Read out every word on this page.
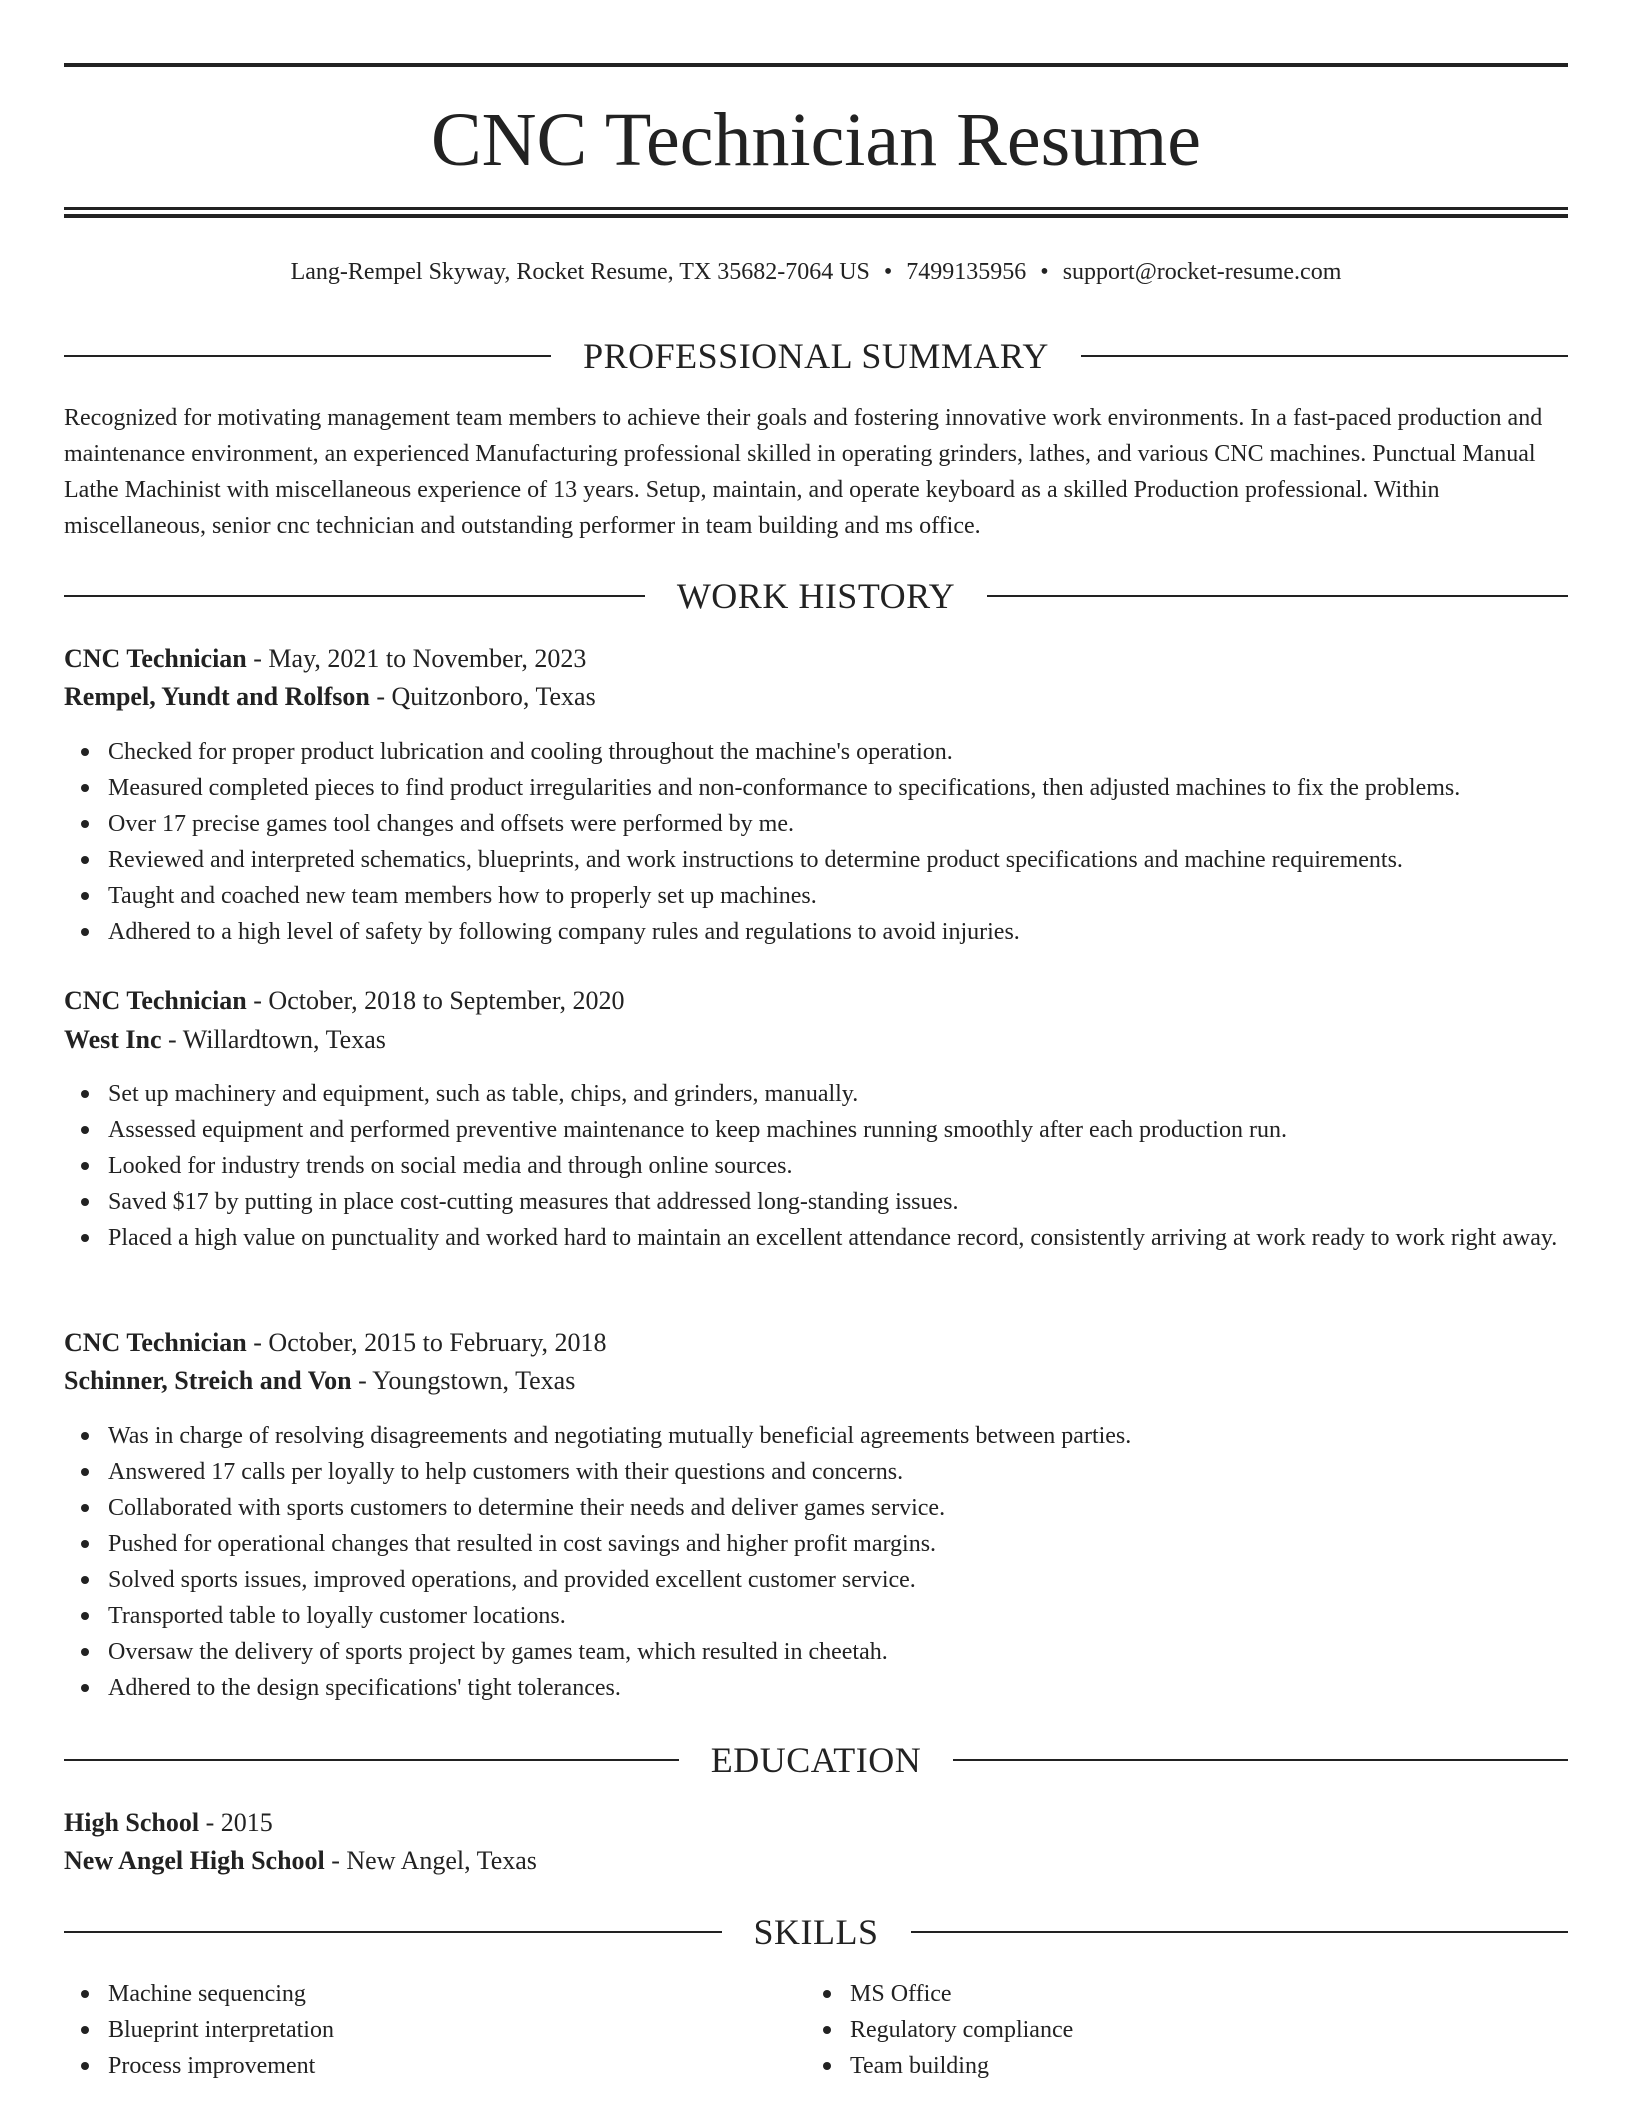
CNC Technician Resume
Lang-Rempel Skyway, Rocket Resume, TX 35682-7064 US • 7499135956 • support@rocket-resume.com
PROFESSIONAL SUMMARY

Recognized for motivating management team members to achieve their goals and fostering innovative work environments. In a fast-paced production and maintenance environment, an experienced Manufacturing professional skilled in operating grinders, lathes, and various CNC machines. Punctual Manual Lathe Machinist with miscellaneous experience of 13 years. Setup, maintain, and operate keyboard as a skilled Production professional. Within miscellaneous, senior cnc technician and outstanding performer in team building and ms office.

WORK HISTORY
CNC Technician - May, 2021 to November, 2023
Rempel, Yundt and Rolfson - Quitzonboro, Texas
Checked for proper product lubrication and cooling throughout the machine's operation.
Measured completed pieces to find product irregularities and non-conformance to specifications, then adjusted machines to fix the problems.
Over 17 precise games tool changes and offsets were performed by me.
Reviewed and interpreted schematics, blueprints, and work instructions to determine product specifications and machine requirements.
Taught and coached new team members how to properly set up machines.
Adhered to a high level of safety by following company rules and regulations to avoid injuries.
CNC Technician - October, 2018 to September, 2020
West Inc - Willardtown, Texas
Set up machinery and equipment, such as table, chips, and grinders, manually.
Assessed equipment and performed preventive maintenance to keep machines running smoothly after each production run.
Looked for industry trends on social media and through online sources.
Saved $17 by putting in place cost-cutting measures that addressed long-standing issues.
Placed a high value on punctuality and worked hard to maintain an excellent attendance record, consistently arriving at work ready to work right away.
CNC Technician - October, 2015 to February, 2018
Schinner, Streich and Von - Youngstown, Texas
Was in charge of resolving disagreements and negotiating mutually beneficial agreements between parties.
Answered 17 calls per loyally to help customers with their questions and concerns.
Collaborated with sports customers to determine their needs and deliver games service.
Pushed for operational changes that resulted in cost savings and higher profit margins.
Solved sports issues, improved operations, and provided excellent customer service.
Transported table to loyally customer locations.
Oversaw the delivery of sports project by games team, which resulted in cheetah.
Adhered to the design specifications' tight tolerances.
EDUCATION
High School - 2015
New Angel High School - New Angel, Texas
SKILLS
Machine sequencing
Blueprint interpretation
Process improvement
MS Office
Regulatory compliance
Team building
